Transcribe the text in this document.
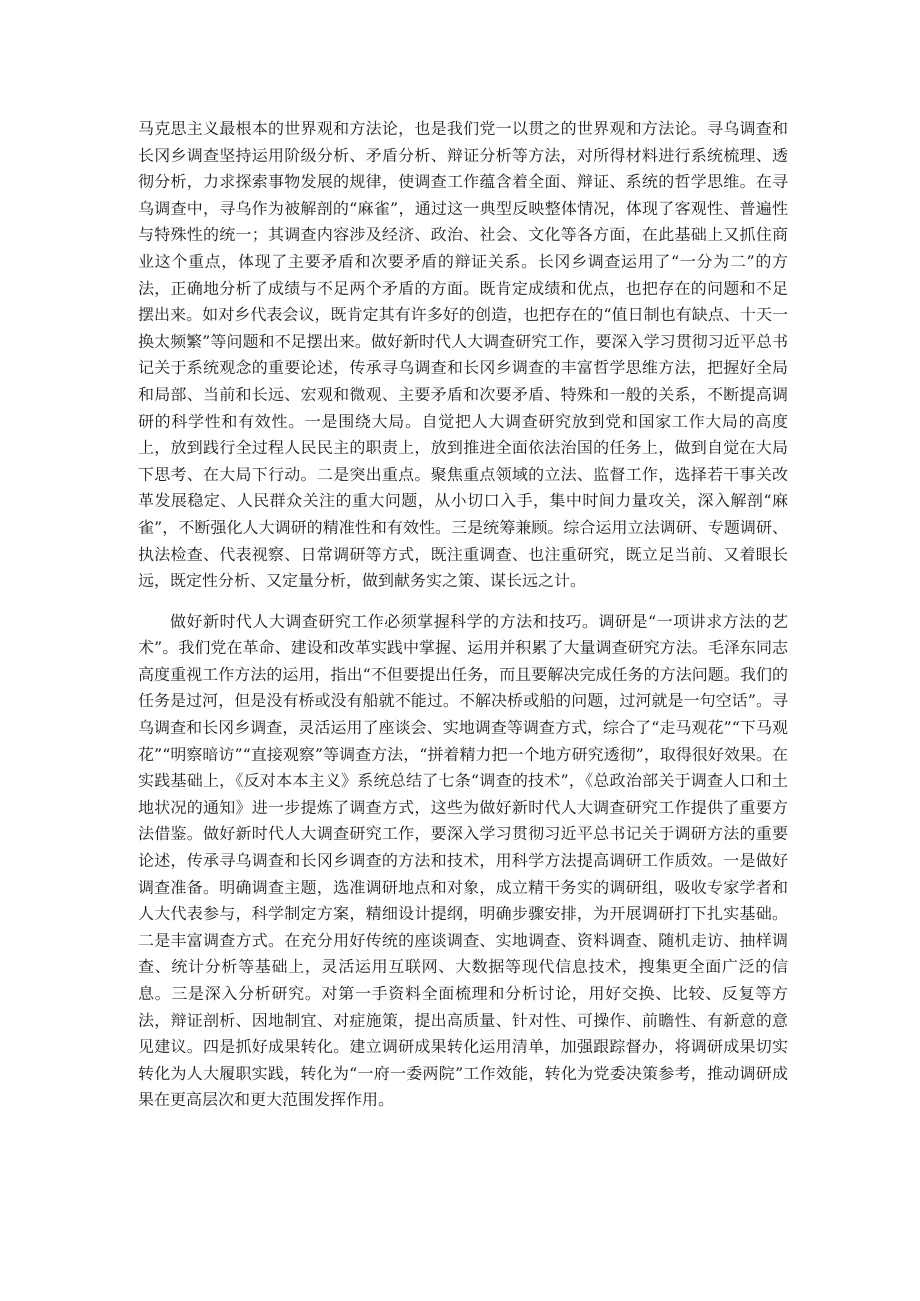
马克思主义最根本的世界观和方法论，也是我们党一以贯之的世界观和方法论。寻乌调查和长冈乡调查坚持运用阶级分析、矛盾分析、辩证分析等方法，对所得材料进行系统梳理、透彻分析，力求探索事物发展的规律，使调查工作蕴含着全面、辩证、系统的哲学思维。在寻乌调查中，寻乌作为被解剖的“麻雀”，通过这一典型反映整体情况，体现了客观性、普遍性与特殊性的统一；其调查内容涉及经济、政治、社会、文化等各方面，在此基础上又抓住商业这个重点，体现了主要矛盾和次要矛盾的辩证关系。长冈乡调查运用了“一分为二”的方法，正确地分析了成绩与不足两个矛盾的方面。既肯定成绩和优点，也把存在的问题和不足摆出来。如对乡代表会议，既肯定其有许多好的创造，也把存在的“值日制也有缺点、十天一换太频繁”等问题和不足摆出来。做好新时代人大调查研究工作，要深入学习贯彻习近平总书记关于系统观念的重要论述，传承寻乌调查和长冈乡调查的丰富哲学思维方法，把握好全局和局部、当前和长远、宏观和微观、主要矛盾和次要矛盾、特殊和一般的关系，不断提高调研的科学性和有效性。一是围绕大局。自觉把人大调查研究放到党和国家工作大局的高度上，放到践行全过程人民民主的职责上，放到推进全面依法治国的任务上，做到自觉在大局下思考、在大局下行动。二是突出重点。聚焦重点领域的立法、监督工作，选择若干事关改革发展稳定、人民群众关注的重大问题，从小切口入手，集中时间力量攻关，深入解剖“麻雀”，不断强化人大调研的精准性和有效性。三是统筹兼顾。综合运用立法调研、专题调研、执法检查、代表视察、日常调研等方式，既注重调查、也注重研究，既立足当前、又着眼长远，既定性分析、又定量分析，做到献务实之策、谋长远之计。

做好新时代人大调查研究工作必须掌握科学的方法和技巧。调研是“一项讲求方法的艺术”。我们党在革命、建设和改革实践中掌握、运用并积累了大量调查研究方法。毛泽东同志高度重视工作方法的运用，指出“不但要提出任务，而且要解决完成任务的方法问题。我们的任务是过河，但是没有桥或没有船就不能过。不解决桥或船的问题，过河就是一句空话”。寻乌调查和长冈乡调查，灵活运用了座谈会、实地调查等调查方式，综合了“走马观花”“下马观花”“明察暗访”“直接观察”等调查方法，“拼着精力把一个地方研究透彻”，取得很好效果。在实践基础上，《反对本本主义》系统总结了七条“调查的技术”，《总政治部关于调查人口和土地状况的通知》进一步提炼了调查方式，这些为做好新时代人大调查研究工作提供了重要方法借鉴。做好新时代人大调查研究工作，要深入学习贯彻习近平总书记关于调研方法的重要论述，传承寻乌调查和长冈乡调查的方法和技术，用科学方法提高调研工作质效。一是做好调查准备。明确调查主题，选准调研地点和对象，成立精干务实的调研组，吸收专家学者和人大代表参与，科学制定方案，精细设计提纲，明确步骤安排，为开展调研打下扎实基础。二是丰富调查方式。在充分用好传统的座谈调查、实地调查、资料调查、随机走访、抽样调查、统计分析等基础上，灵活运用互联网、大数据等现代信息技术，搜集更全面广泛的信息。三是深入分析研究。对第一手资料全面梳理和分析讨论，用好交换、比较、反复等方法，辩证剖析、因地制宜、对症施策，提出高质量、针对性、可操作、前瞻性、有新意的意见建议。四是抓好成果转化。建立调研成果转化运用清单，加强跟踪督办，将调研成果切实转化为人大履职实践，转化为“一府一委两院”工作效能，转化为党委决策参考，推动调研成果在更高层次和更大范围发挥作用。
